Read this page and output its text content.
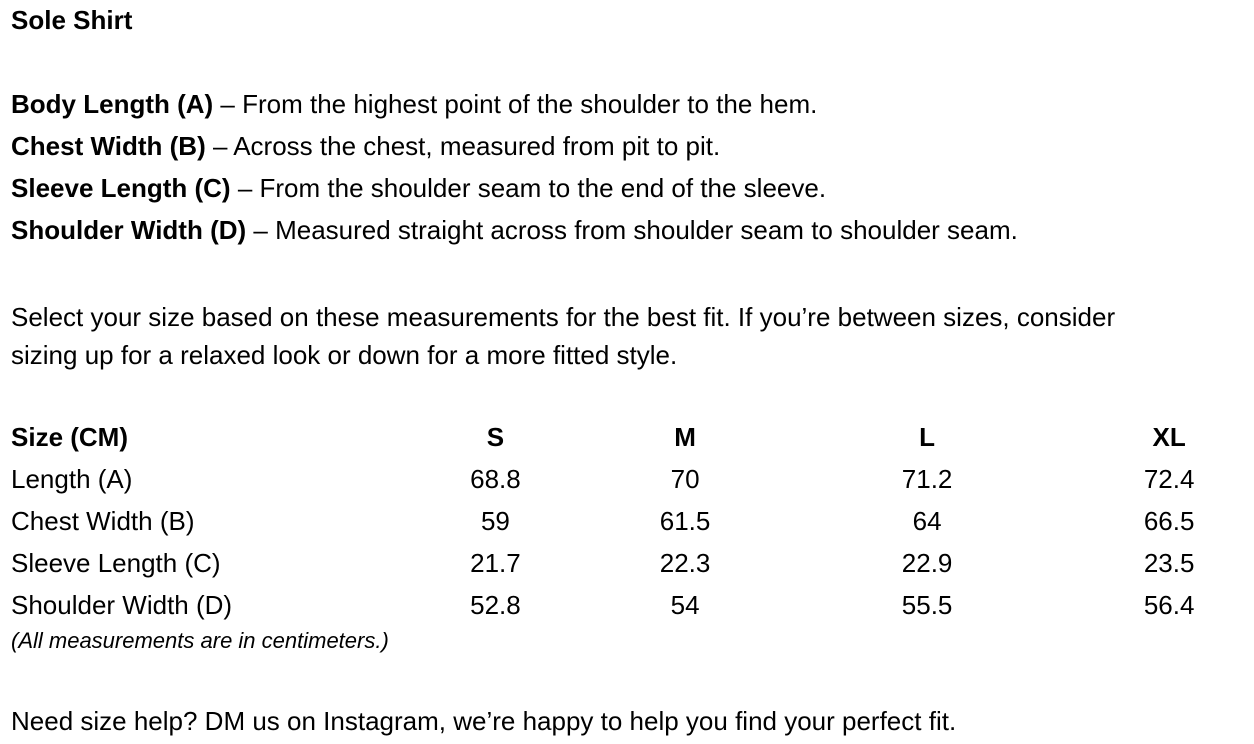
Sole Shirt
Body Length (A) – From the highest point of the shoulder to the hem.
Chest Width (B) – Across the chest, measured from pit to pit.
Sleeve Length (C) – From the shoulder seam to the end of the sleeve.
Shoulder Width (D) – Measured straight across from shoulder seam to shoulder seam.
Select your size based on these measurements for the best fit. If you’re between sizes, consider
sizing up for a relaxed look or down for a more fitted style.
Size (CM)	S	M	L	XL
Length (A)	68.8	70	71.2	72.4
Chest Width (B)	59	61.5	64	66.5
Sleeve Length (C)	21.7	22.3	22.9	23.5
Shoulder Width (D)	52.8	54	55.5	56.4
(All measurements are in centimeters.)
Need size help? DM us on Instagram, we’re happy to help you find your perfect fit.
